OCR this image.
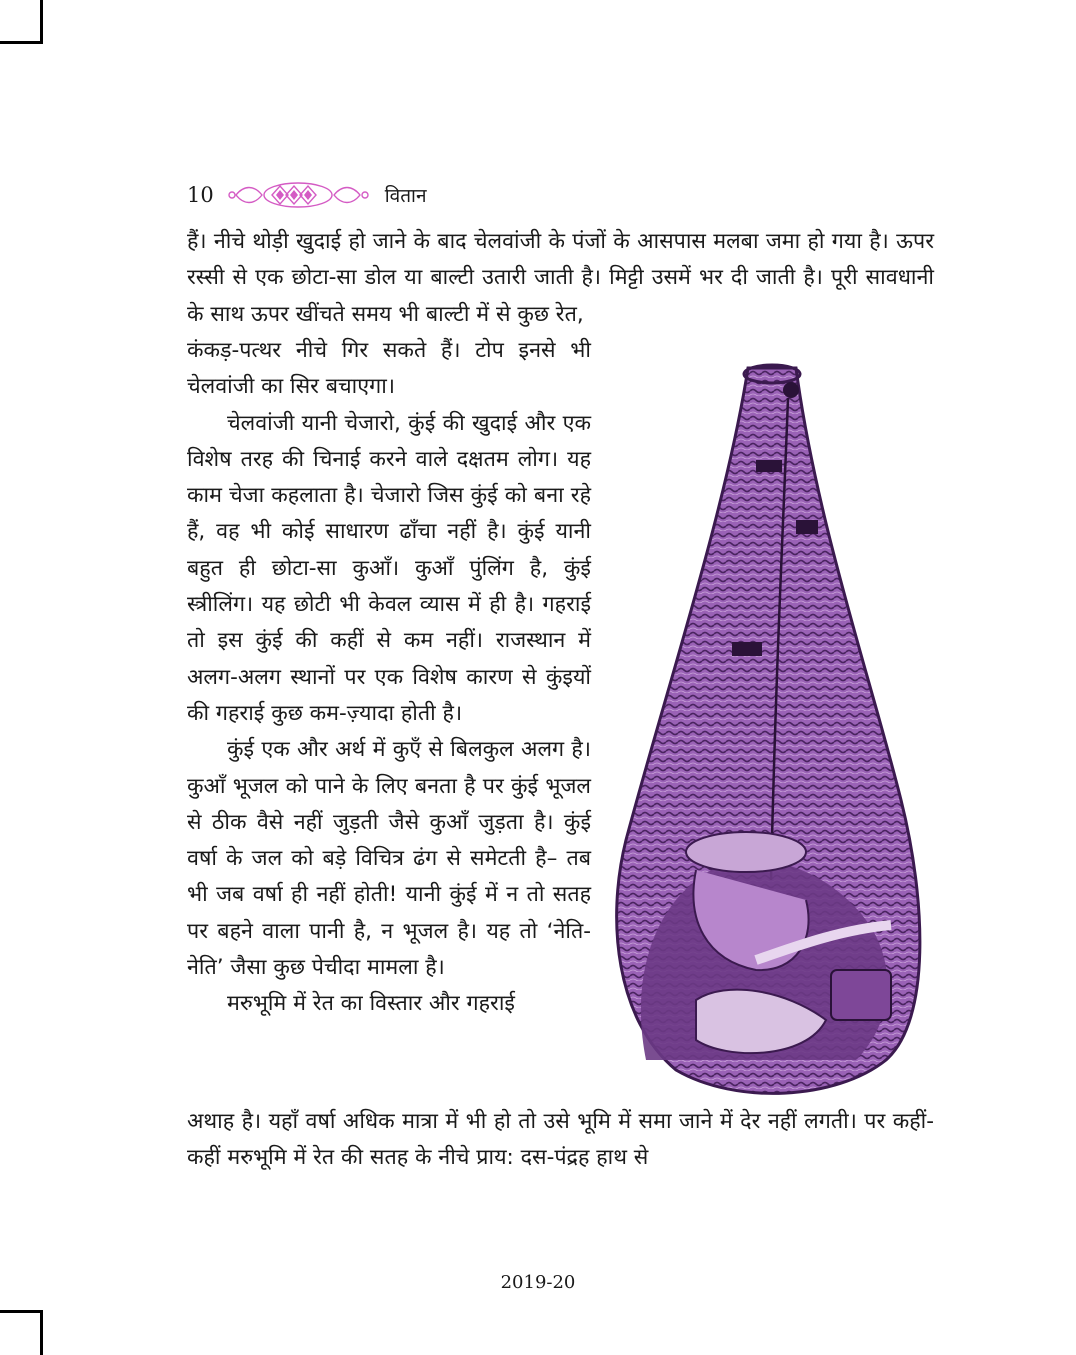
10	वितान

हैं। नीचे थोड़ी खुदाई हो जाने के बाद चेलवांजी के पंजों के आसपास मलबा जमा हो गया है। ऊपर रस्सी से एक छोटा-सा डोल या बाल्टी उतारी जाती है। मिट्टी उसमें भर दी जाती है। पूरी सावधानी के साथ ऊपर खींचते समय भी बाल्टी में से कुछ रेत,

कंकड़-पत्थर नीचे गिर सकते हैं। टोप इनसे भी चेलवांजी का सिर बचाएगा।

चेलवांजी यानी चेजारो, कुंई की खुदाई और एक विशेष तरह की चिनाई करने वाले दक्षतम लोग। यह काम चेजा कहलाता है। चेजारो जिस कुंई को बना रहे हैं, वह भी कोई साधारण ढाँचा नहीं है। कुंई यानी बहुत ही छोटा-सा कुआँ। कुआँ पुंलिंग है, कुंई स्त्रीलिंग। यह छोटी भी केवल व्यास में ही है। गहराई तो इस कुंई की कहीं से कम नहीं। राजस्थान में अलग-अलग स्थानों पर एक विशेष कारण से कुंइयों की गहराई कुछ कम-ज़्यादा होती है।

कुंई एक और अर्थ में कुएँ से बिलकुल अलग है। कुआँ भूजल को पाने के लिए बनता है पर कुंई भूजल से ठीक वैसे नहीं जुड़ती जैसे कुआँ जुड़ता है। कुंई वर्षा के जल को बड़े विचित्र ढंग से समेटती है– तब भी जब वर्षा ही नहीं होती! यानी कुंई में न तो सतह पर बहने वाला पानी है, न भूजल है। यह तो ‘नेति-नेति’ जैसा कुछ पेचीदा मामला है।

मरुभूमि में रेत का विस्तार और गहराई

अथाह है। यहाँ वर्षा अधिक मात्रा में भी हो तो उसे भूमि में समा जाने में देर नहीं लगती। पर कहीं-कहीं मरुभूमि में रेत की सतह के नीचे प्राय: दस-पंद्रह हाथ से

2019-20
